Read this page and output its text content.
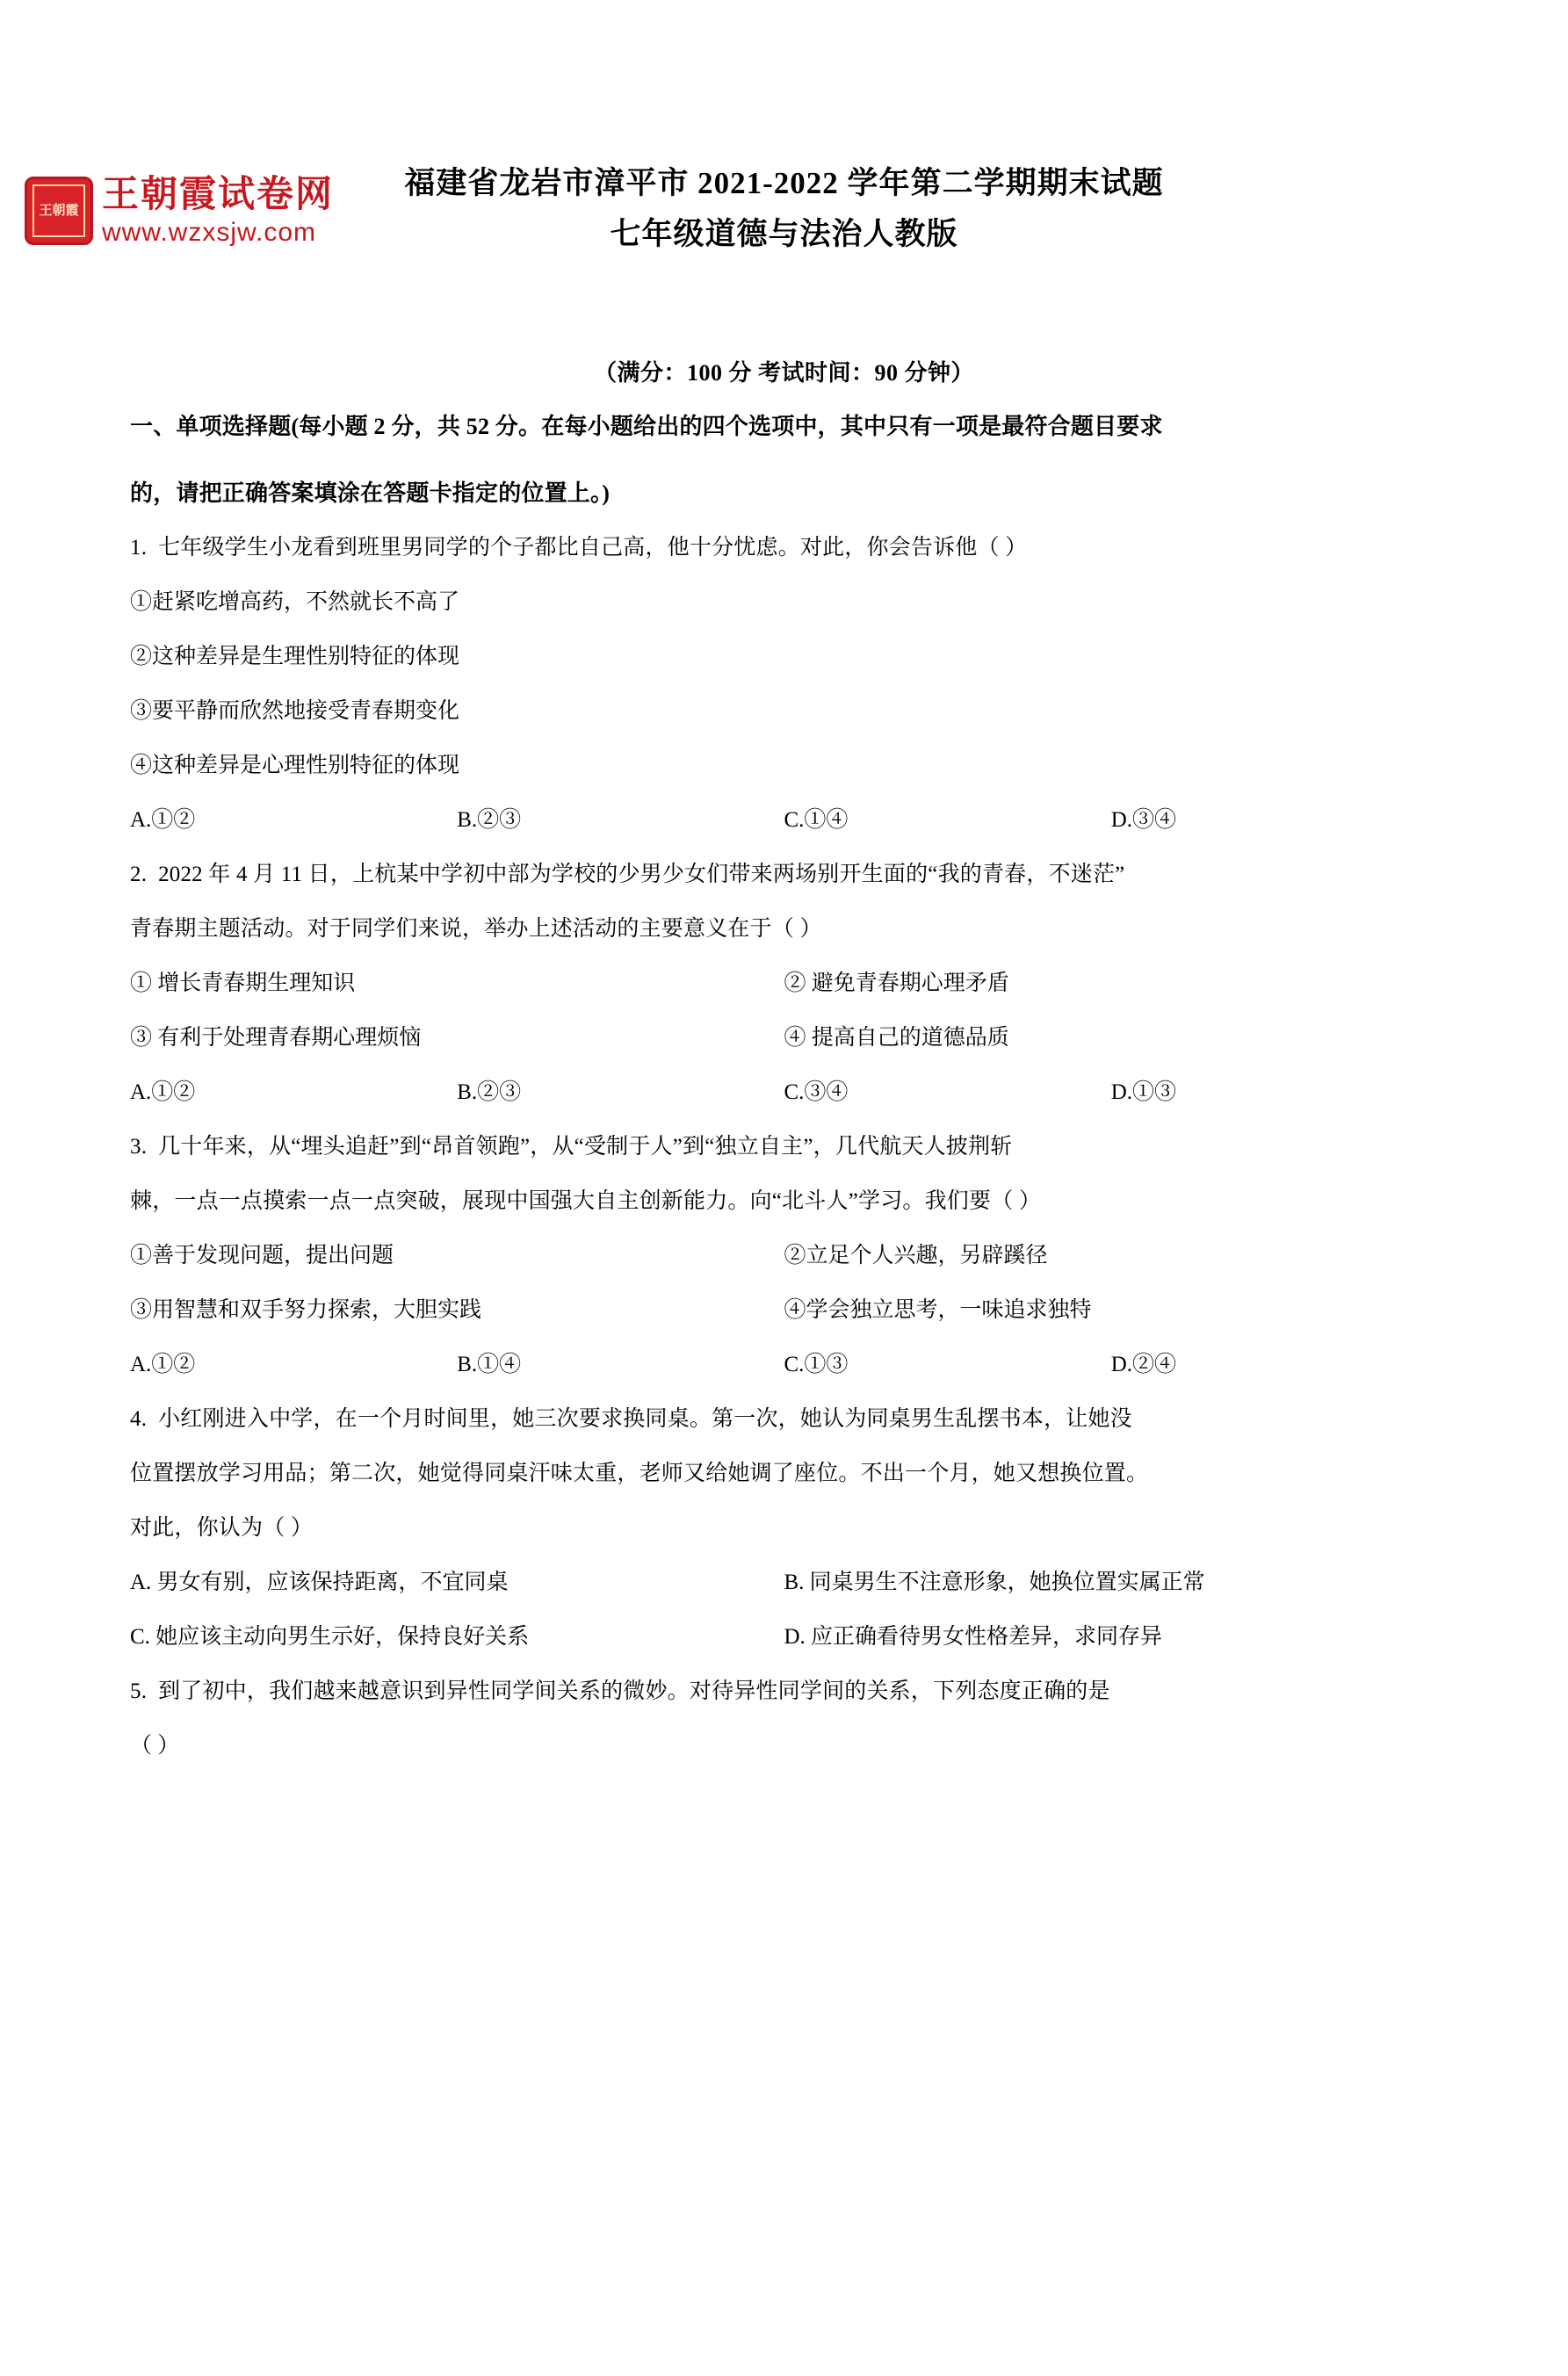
王朝霞 王朝霞试卷网
www.wzxsjw.com
福建省龙岩市漳平市 2021-2022 学年第二学期期末试题
七年级道德与法治人教版
（满分：100 分 考试时间：90 分钟）
一、单项选择题(每小题 2 分，共 52 分。在每小题给出的四个选项中，其中只有一项是最符合题目要求
的，请把正确答案填涂在答题卡指定的位置上。)
1. 七年级学生小龙看到班里男同学的个子都比自己高，他十分忧虑。对此，你会告诉他（ ）
①赶紧吃增高药，不然就长不高了
②这种差异是生理性别特征的体现
③要平静而欣然地接受青春期变化
④这种差异是心理性别特征的体现
A.①②	B.②③	C.①④	D.③④
2. 2022 年 4 月 11 日，上杭某中学初中部为学校的少男少女们带来两场别开生面的“我的青春，不迷茫”
青春期主题活动。对于同学们来说，举办上述活动的主要意义在于（ ）
① 增长青春期生理知识	② 避免青春期心理矛盾
③ 有利于处理青春期心理烦恼	④ 提高自己的道德品质
A.①②	B.②③	C.③④	D.①③
3. 几十年来，从“埋头追赶”到“昂首领跑”，从“受制于人”到“独立自主”，几代航天人披荆斩
棘，一点一点摸索一点一点突破，展现中国强大自主创新能力。向“北斗人”学习。我们要（ ）
①善于发现问题，提出问题	②立足个人兴趣，另辟蹊径
③用智慧和双手努力探索，大胆实践	④学会独立思考，一味追求独特
A.①②	B.①④	C.①③	D.②④
4. 小红刚进入中学，在一个月时间里，她三次要求换同桌。第一次，她认为同桌男生乱摆书本，让她没
位置摆放学习用品；第二次，她觉得同桌汗味太重，老师又给她调了座位。不出一个月，她又想换位置。
对此，你认为（ ）
A. 男女有别，应该保持距离，不宜同桌	B. 同桌男生不注意形象，她换位置实属正常
C. 她应该主动向男生示好，保持良好关系	D. 应正确看待男女性格差异，求同存异
5. 到了初中，我们越来越意识到异性同学间关系的微妙。对待异性同学间的关系，下列态度正确的是
（ ）
